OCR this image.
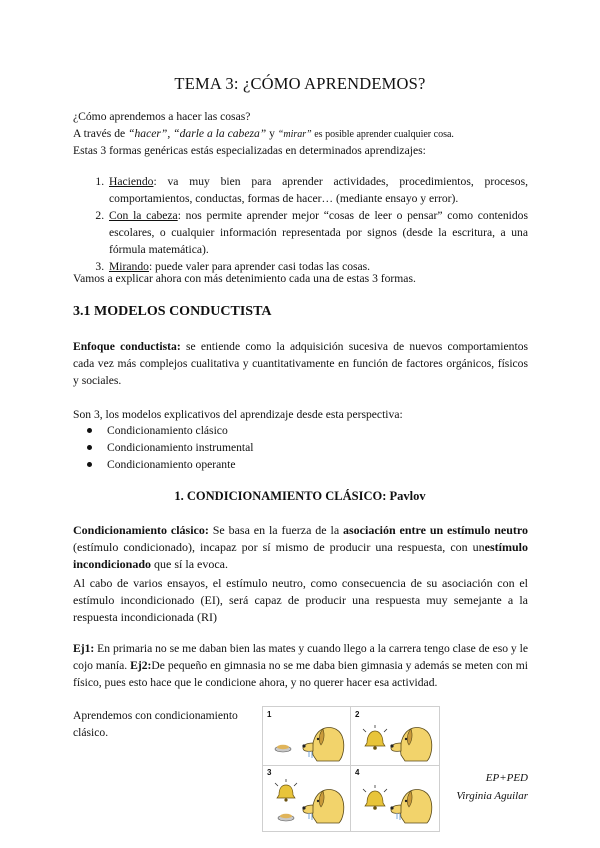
TEMA 3: ¿CÓMO APRENDEMOS?
¿Cómo aprendemos a hacer las cosas?
A través de “hacer”, “darle a la cabeza” y “mirar” es posible aprender cualquier cosa.
Estas 3 formas genéricas estás especializadas en determinados aprendizajes:
1. Haciendo: va muy bien para aprender actividades, procedimientos, procesos, comportamientos, conductas, formas de hacer… (mediante ensayo y error).
2. Con la cabeza: nos permite aprender mejor “cosas de leer o pensar” como contenidos escolares, o cualquier información representada por signos (desde la escritura, a una fórmula matemática).
3. Mirando: puede valer para aprender casi todas las cosas.
Vamos a explicar ahora con más detenimiento cada una de estas 3 formas.
3.1 MODELOS CONDUCTISTA
Enfoque conductista: se entiende como la adquisición sucesiva de nuevos comportamientos cada vez más complejos cualitativa y cuantitativamente en función de factores orgánicos, físicos y sociales.
Son 3, los modelos explicativos del aprendizaje desde esta perspectiva:
Condicionamiento clásico
Condicionamiento instrumental
Condicionamiento operante
1. CONDICIONAMIENTO CLÁSICO: Pavlov
Condicionamiento clásico: Se basa en la fuerza de la asociación entre un estímulo neutro (estímulo condicionado), incapaz por sí mismo de producir una respuesta, con unestímulo incondicionado que sí la evoca.
Al cabo de varios ensayos, el estímulo neutro, como consecuencia de su asociación con el estímulo incondicionado (EI), será capaz de producir una respuesta muy semejante a la respuesta incondicionada (RI)
Ej1: En primaria no se me daban bien las mates y cuando llego a la carrera tengo clase de eso y le cojo manía. Ej2:De pequeño en gimnasia no se me daba bien gimnasia y además se meten con mi físico, pues esto hace que le condicione ahora, y no querer hacer esa actividad.
Aprendemos con condicionamiento clásico.
1	2
3	4	EP+PED
Virginia Aguilar
